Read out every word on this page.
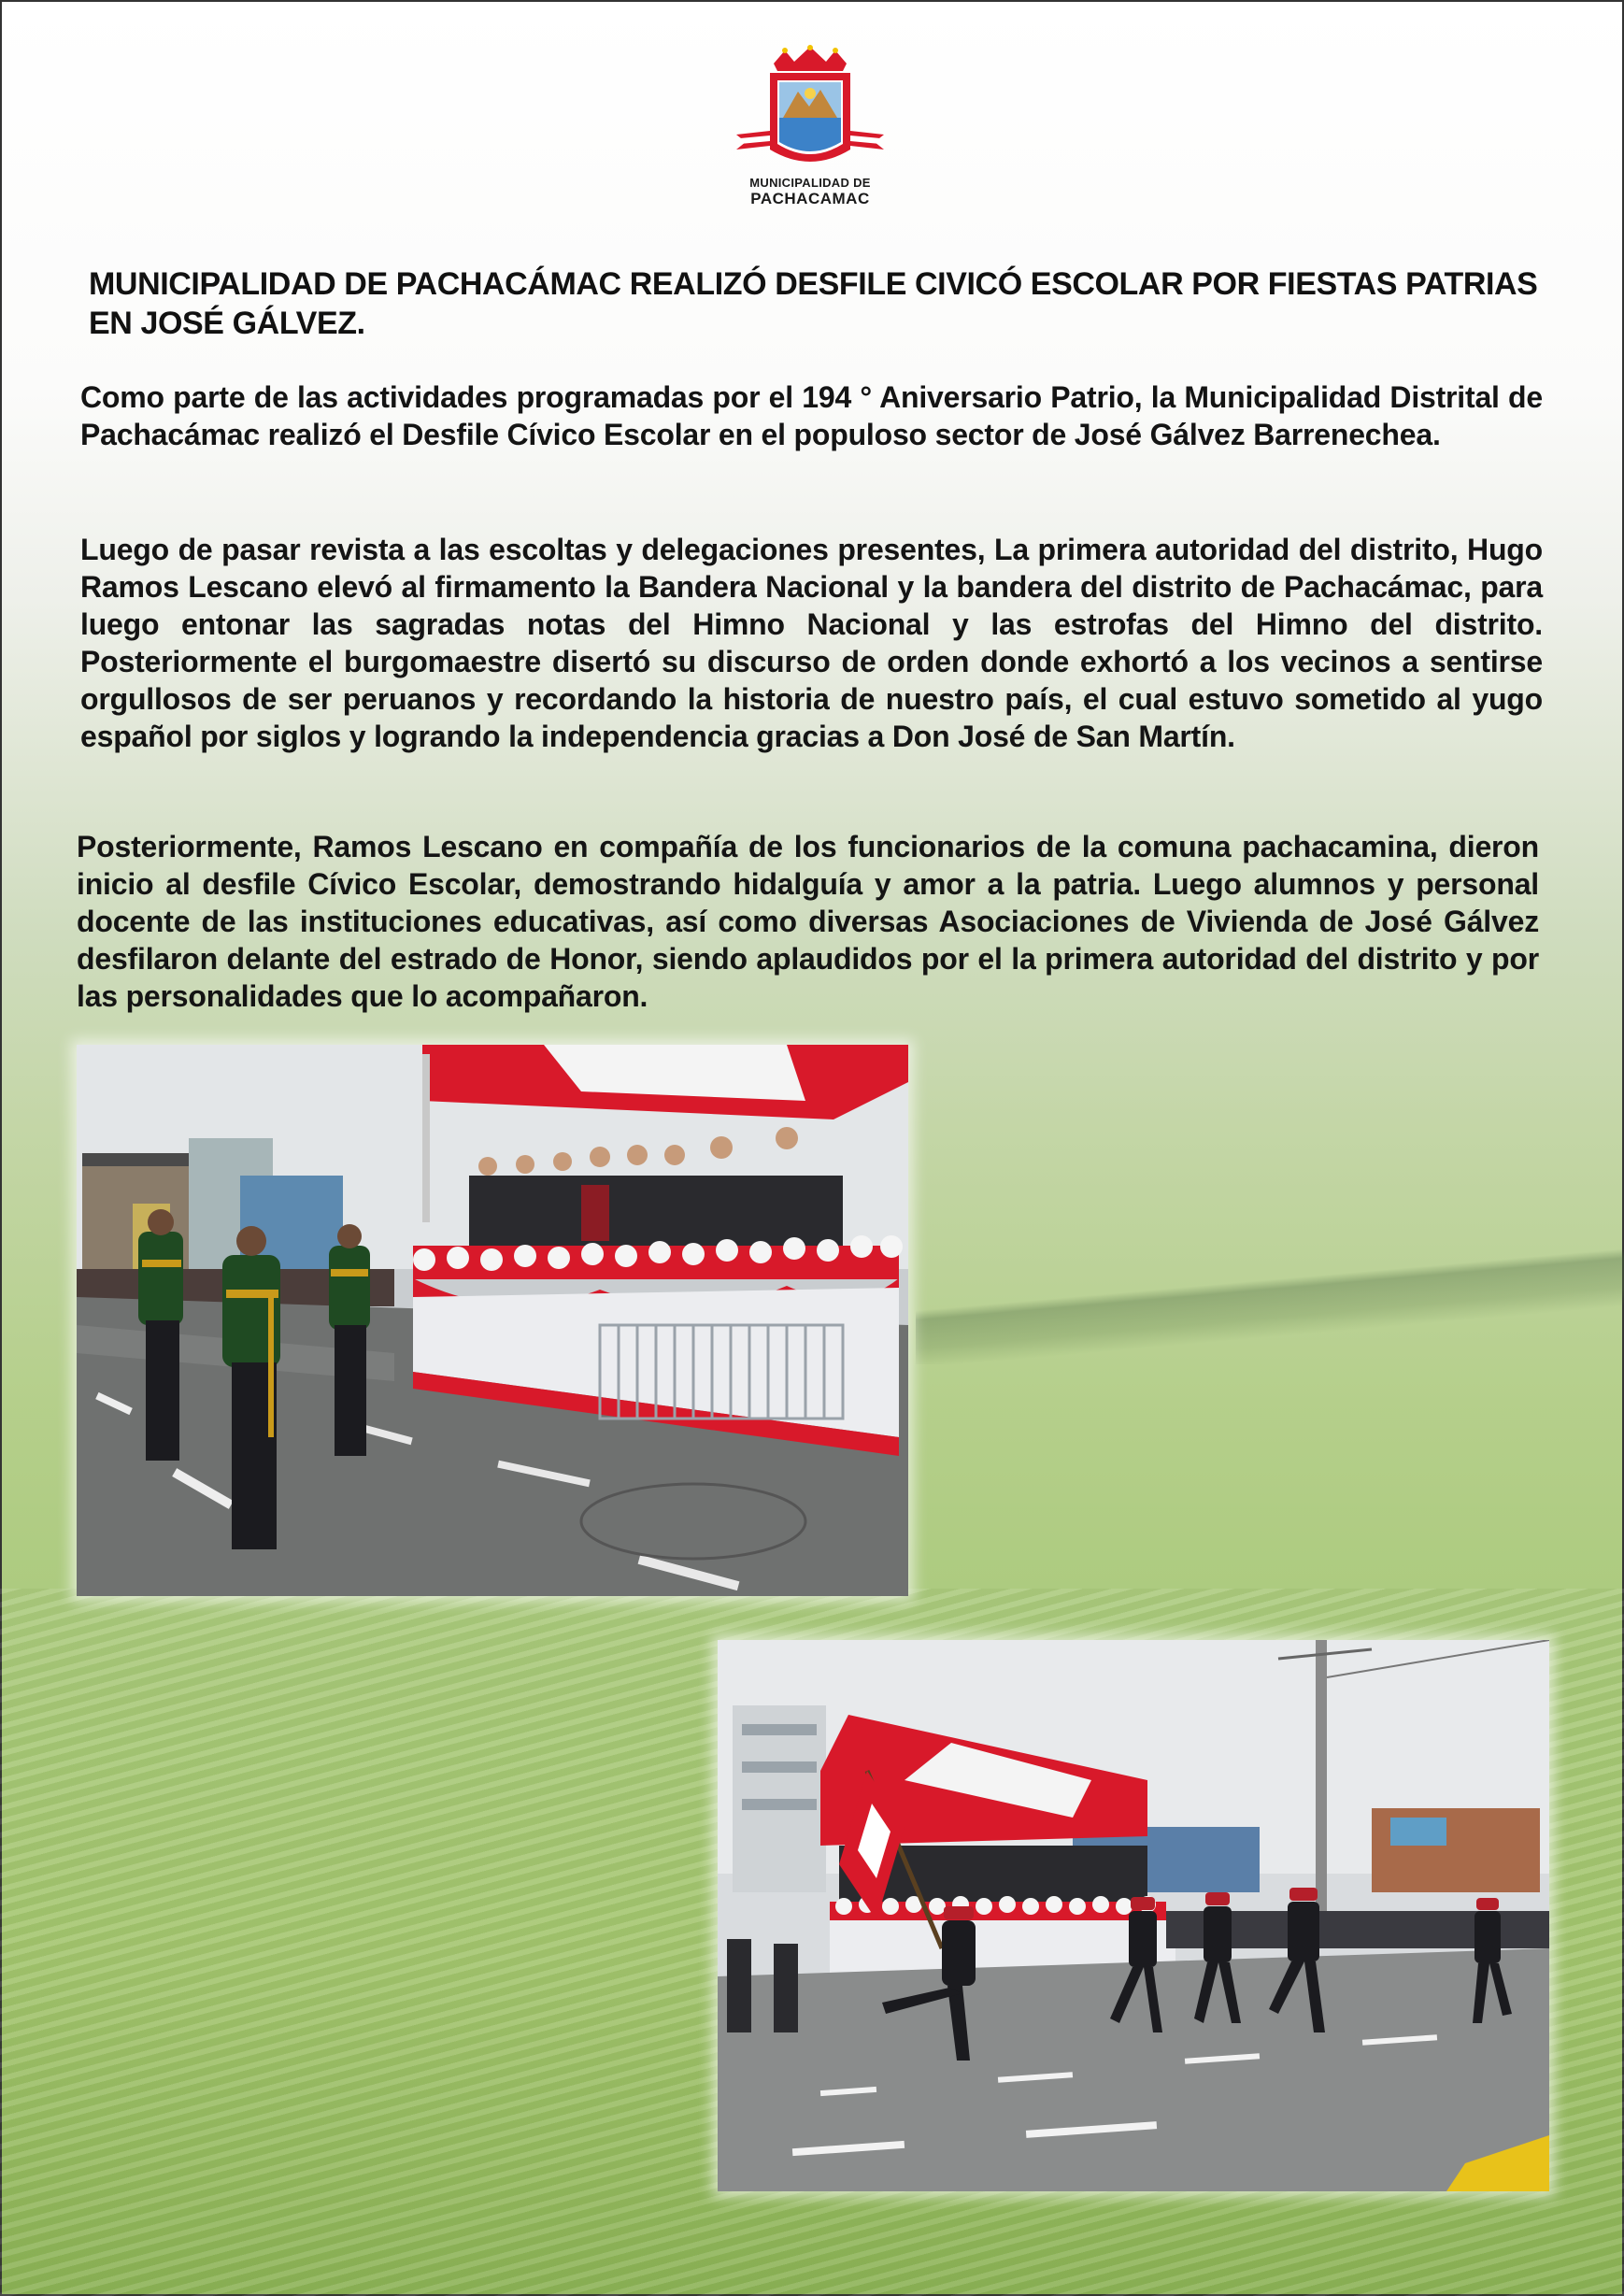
MUNICIPALIDAD DE
PACHACAMAC
MUNICIPALIDAD DE PACHACÁMAC REALIZÓ DESFILE CIVICÓ ESCOLAR POR FIESTAS PATRIAS EN JOSÉ GÁLVEZ.

Como parte de las actividades programadas por el 194 ° Aniversario Patrio, la Municipalidad Distrital de Pachacámac realizó el Desfile Cívico Escolar en el populoso sector de José Gálvez Barrenechea.

Luego de pasar revista a las escoltas y delegaciones presentes, La primera autoridad del distrito, Hugo Ramos Lescano elevó al firmamento la Bandera Nacional y la bandera del distrito de Pachacámac, para luego entonar las sagradas notas del Himno Nacional y las estrofas del Himno del distrito. Posteriormente el burgomaestre disertó su discurso de orden donde exhortó a los vecinos a sentirse orgullosos de ser peruanos y recordando la historia de nuestro país, el cual estuvo sometido al yugo español por siglos y logrando la independencia gracias a Don José de San Martín.

Posteriormente, Ramos Lescano en compañía de los funcionarios de la comuna pachacamina, dieron inicio al desfile Cívico Escolar, demostrando hidalguía y amor a la patria. Luego alumnos y personal docente de las instituciones educativas, así como diversas Asociaciones de Vivienda de José Gálvez desfilaron delante del estrado de Honor, siendo aplaudidos por el la primera autoridad del distrito y por las personalidades que lo acompañaron.
